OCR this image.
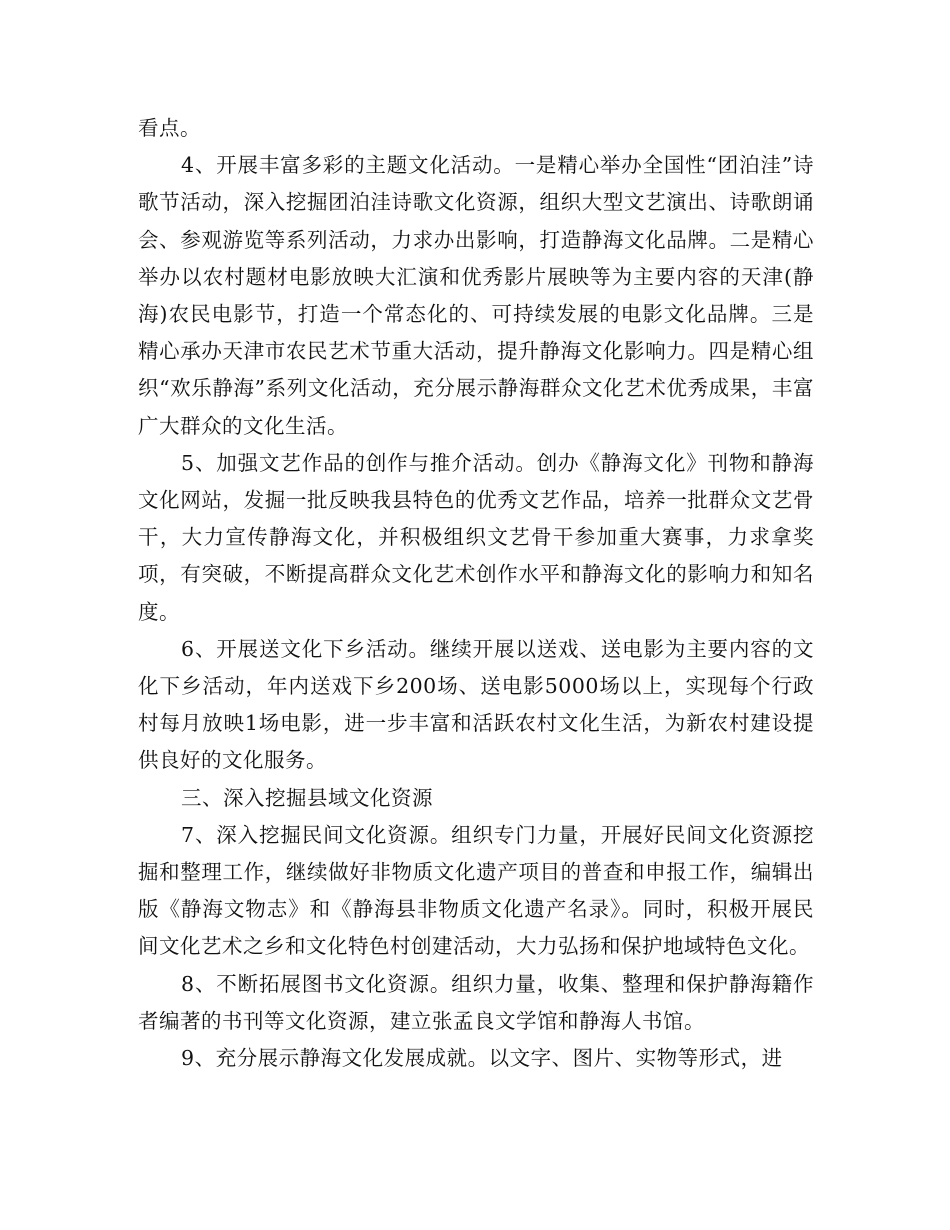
看点。

4、开展丰富多彩的主题文化活动。一是精心举办全国性“团泊洼”诗歌节活动，深入挖掘团泊洼诗歌文化资源，组织大型文艺演出、诗歌朗诵会、参观游览等系列活动，力求办出影响，打造静海文化品牌。二是精心举办以农村题材电影放映大汇演和优秀影片展映等为主要内容的天津(静海)农民电影节，打造一个常态化的、可持续发展的电影文化品牌。三是精心承办天津市农民艺术节重大活动，提升静海文化影响力。四是精心组织“欢乐静海”系列文化活动，充分展示静海群众文化艺术优秀成果，丰富广大群众的文化生活。

5、加强文艺作品的创作与推介活动。创办《静海文化》刊物和静海文化网站，发掘一批反映我县特色的优秀文艺作品，培养一批群众文艺骨干，大力宣传静海文化，并积极组织文艺骨干参加重大赛事，力求拿奖项，有突破，不断提高群众文化艺术创作水平和静海文化的影响力和知名度。

6、开展送文化下乡活动。继续开展以送戏、送电影为主要内容的文化下乡活动，年内送戏下乡200场、送电影5000场以上，实现每个行政村每月放映1场电影，进一步丰富和活跃农村文化生活，为新农村建设提供良好的文化服务。

三、深入挖掘县域文化资源

7、深入挖掘民间文化资源。组织专门力量，开展好民间文化资源挖掘和整理工作，继续做好非物质文化遗产项目的普查和申报工作，编辑出版《静海文物志》和《静海县非物质文化遗产名录》。同时，积极开展民间文化艺术之乡和文化特色村创建活动，大力弘扬和保护地域特色文化。

8、不断拓展图书文化资源。组织力量，收集、整理和保护静海籍作者编著的书刊等文化资源，建立张孟良文学馆和静海人书馆。

9、充分展示静海文化发展成就。以文字、图片、实物等形式，进
